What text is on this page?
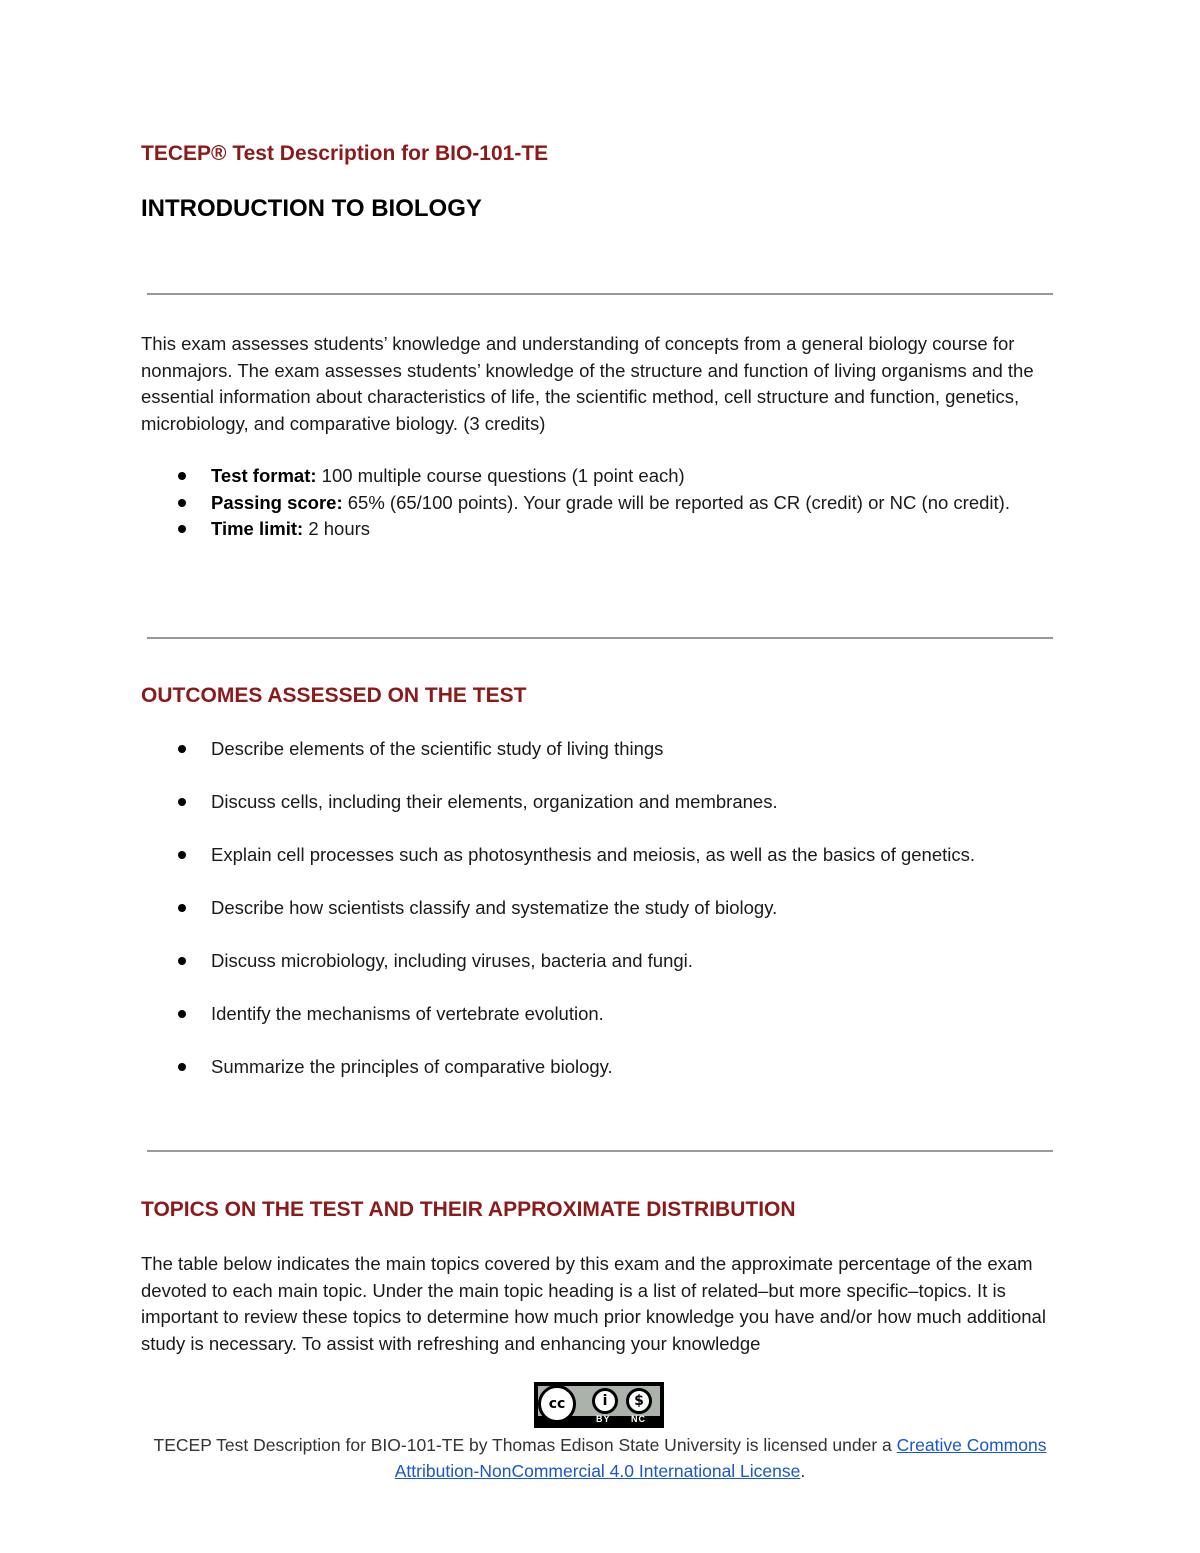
TECEP® Test Description for BIO-101-TE
INTRODUCTION TO BIOLOGY
This exam assesses students’ knowledge and understanding of concepts from a general biology course for nonmajors. The exam assesses students’ knowledge of the structure and function of living organisms and the essential information about characteristics of life, the scientific method, cell structure and function, genetics, microbiology, and comparative biology. (3 credits)
Test format: 100 multiple course questions (1 point each)
Passing score: 65% (65/100 points). Your grade will be reported as CR (credit) or NC (no credit).
Time limit: 2 hours
OUTCOMES ASSESSED ON THE TEST
Describe elements of the scientific study of living things
Discuss cells, including their elements, organization and membranes.
Explain cell processes such as photosynthesis and meiosis, as well as the basics of genetics.
Describe how scientists classify and systematize the study of biology.
Discuss microbiology, including viruses, bacteria and fungi.
Identify the mechanisms of vertebrate evolution.
Summarize the principles of comparative biology.
TOPICS ON THE TEST AND THEIR APPROXIMATE DISTRIBUTION
The table below indicates the main topics covered by this exam and the approximate percentage of the exam devoted to each main topic. Under the main topic heading is a list of related–but more specific–topics. It is important to review these topics to determine how much prior knowledge you have and/or how much additional study is necessary. To assist with refreshing and enhancing your knowledge
cc	i	$
BY NC
TECEP Test Description for BIO-101-TE by Thomas Edison State University is licensed under a Creative Commons Attribution-NonCommercial 4.0 International License.
